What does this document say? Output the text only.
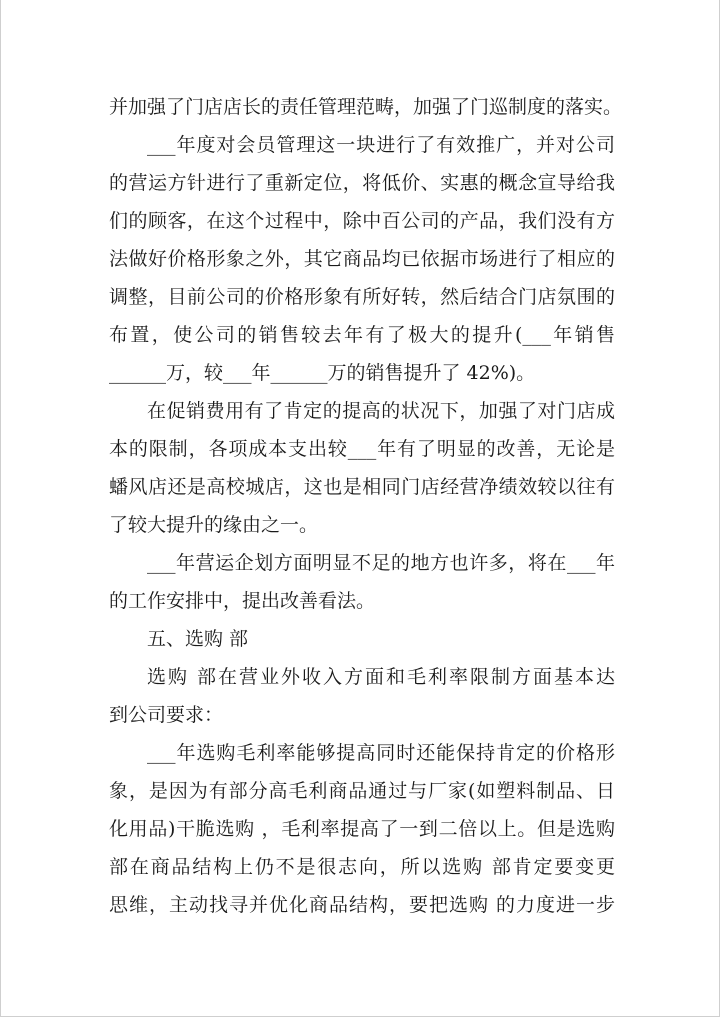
并加强了门店店长的责任管理范畴，加强了门巡制度的落实。
___年度对会员管理这一块进行了有效推广，并对公司
的营运方针进行了重新定位，将低价、实惠的概念宣导给我
们的顾客，在这个过程中，除中百公司的产品，我们没有方
法做好价格形象之外，其它商品均已依据市场进行了相应的
调整，目前公司的价格形象有所好转，然后结合门店氛围的
布置，使公司的销售较去年有了极大的提升(___年销售
______万，较___年______万的销售提升了 42%)。
在促销费用有了肯定的提高的状况下，加强了对门店成
本的限制，各项成本支出较___年有了明显的改善，无论是
蟠风店还是高校城店，这也是相同门店经营净绩效较以往有
了较大提升的缘由之一。
___年营运企划方面明显不足的地方也许多，将在___年
的工作安排中，提出改善看法。
五、选购 部
选购 部在营业外收入方面和毛利率限制方面基本达
到公司要求：
___年选购毛利率能够提高同时还能保持肯定的价格形
象，是因为有部分高毛利商品通过与厂家(如塑料制品、日
化用品)干脆选购 ，毛利率提高了一到二倍以上。但是选购
部在商品结构上仍不是很志向，所以选购 部肯定要变更
思维，主动找寻并优化商品结构，要把选购 的力度进一步
